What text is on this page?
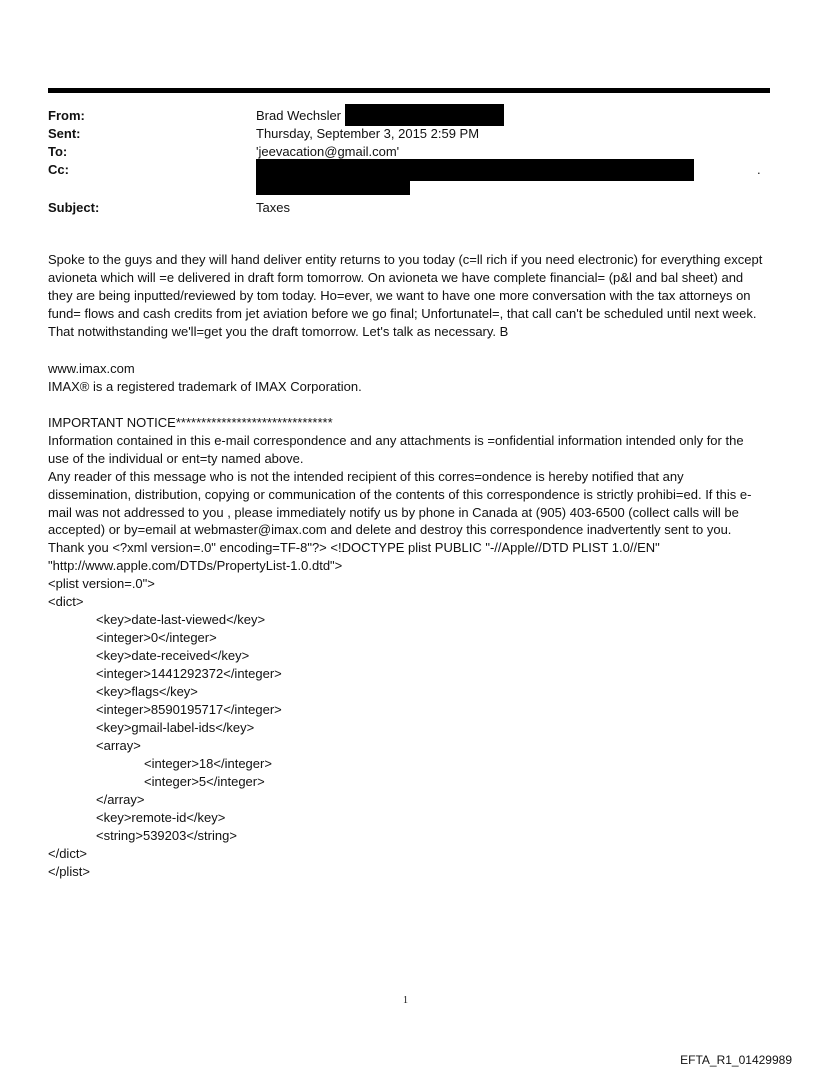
From:	Brad Wechsler
Sent:	Thursday, September 3, 2015 2:59 PM
To:	'jeevacation@gmail.com'
Cc:	.
Subject:	Taxes

Spoke to the guys and they will hand deliver entity returns to you today (c=ll rich if you need electronic) for everything except avioneta which will =e delivered in draft form tomorrow. On avioneta we have complete financial= (p&l and bal sheet) and they are being inputted/reviewed by tom today. Ho=ever, we want to have one more conversation with the tax attorneys on fund= flows and cash credits from jet aviation before we go final; Unfortunatel=, that call can't be scheduled until next week. That notwithstanding we'll=get you the draft tomorrow. Let's talk as necessary. B

www.imax.com

IMAX® is a registered trademark of IMAX Corporation.

IMPORTANT NOTICE*******************************

Information contained in this e-mail correspondence and any attachments is =onfidential information intended only for the use of the individual or ent=ty named above.

Any reader of this message who is not the intended recipient of this corres=ondence is hereby notified that any dissemination, distribution, copying or communication of the contents of this correspondence is strictly prohibi=ed. If this e-mail was not addressed to you , please immediately notify us by phone in Canada at (905) 403-6500 (collect calls will be accepted) or by=email at webmaster@imax.com and delete and destroy this correspondence inadvertently sent to you. Thank you <?xml version=.0" encoding=TF-8"?> <!DOCTYPE plist PUBLIC "-//Apple//DTD PLIST 1.0//EN" "http://www.apple.com/DTDs/PropertyList-1.0.dtd">

<plist version=.0">
<dict>
<key>date-last-viewed</key>
<integer>0</integer>
<key>date-received</key>
<integer>1441292372</integer>
<key>flags</key>
<integer>8590195717</integer>
<key>gmail-label-ids</key>
<array>
<integer>18</integer>
<integer>5</integer>
</array>
<key>remote-id</key>
<string>539203</string>
</dict>
</plist>
1
EFTA_R1_01429989
